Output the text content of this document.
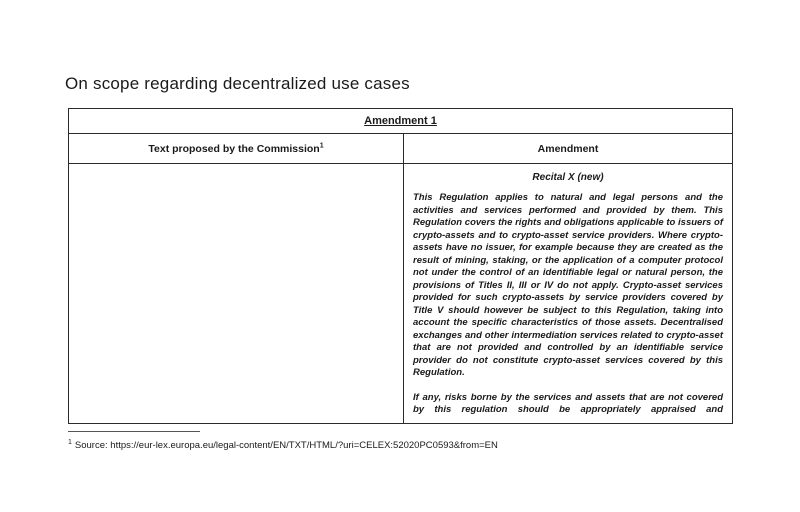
On scope regarding decentralized use cases
Amendment 1
Text proposed by the Commission$^1$	Amendment
Recital X (new)

This Regulation applies to natural and legal persons and the activities and services performed and provided by them. This Regulation covers the rights and obligations applicable to issuers of crypto-assets and to crypto-asset service providers. Where crypto-assets have no issuer, for example because they are created as the result of mining, staking, or the application of a computer protocol not under the control of an identifiable legal or natural person, the provisions of Titles II, III or IV do not apply. Crypto-asset services provided for such crypto-assets by service providers covered by Title V should however be subject to this Regulation, taking into account the specific characteristics of those assets. Decentralised exchanges and other intermediation services related to crypto-asset that are not provided and controlled by an identifiable service provider do not constitute crypto-asset services covered by this Regulation.

If any, risks borne by the services and assets that are not covered by this regulation should be appropriately appraised and

$^1$ Source: https://eur-lex.europa.eu/legal-content/EN/TXT/HTML/?uri=CELEX:52020PC0593&from=EN
